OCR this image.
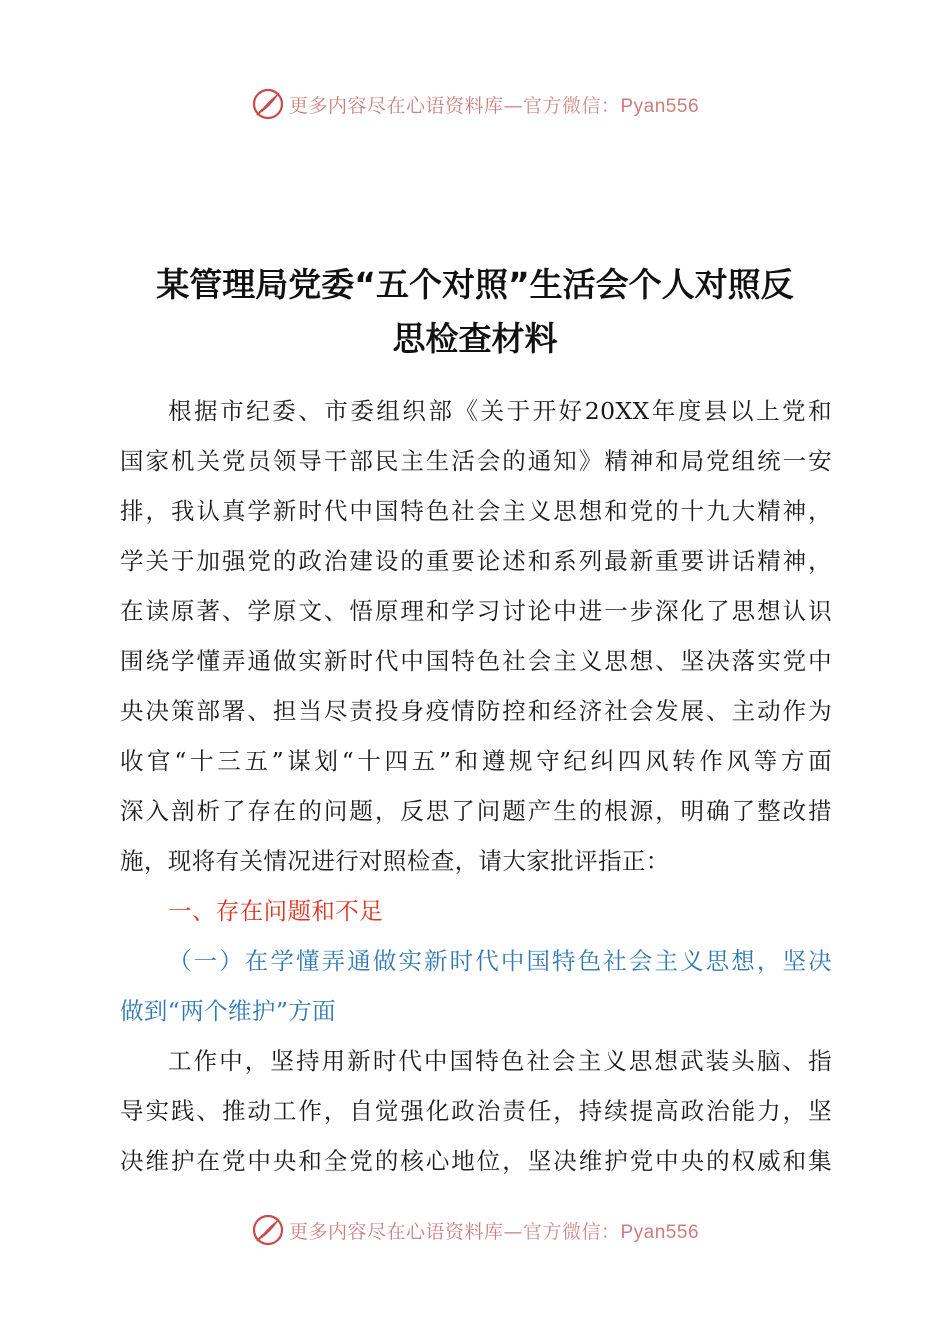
更多内容尽在心语资料库—官方微信：Pyan556
某管理局党委“五个对照”生活会个人对照反
思检查材料
根据市纪委、市委组织部《关于开好20XX年度县以上党和
国家机关党员领导干部民主生活会的通知》精神和局党组统一安
排，我认真学新时代中国特色社会主义思想和党的十九大精神，
学关于加强党的政治建设的重要论述和系列最新重要讲话精神，
在读原著、学原文、悟原理和学习讨论中进一步深化了思想认识
围绕学懂弄通做实新时代中国特色社会主义思想、坚决落实党中
央决策部署、担当尽责投身疫情防控和经济社会发展、主动作为
收官“十三五”谋划“十四五”和遵规守纪纠四风转作风等方面
深入剖析了存在的问题，反思了问题产生的根源，明确了整改措
施，现将有关情况进行对照检查，请大家批评指正：
一、存在问题和不足
（一）在学懂弄通做实新时代中国特色社会主义思想，坚决
做到“两个维护”方面
工作中，坚持用新时代中国特色社会主义思想武装头脑、指
导实践、推动工作，自觉强化政治责任，持续提高政治能力，坚
决维护在党中央和全党的核心地位，坚决维护党中央的权威和集
更多内容尽在心语资料库—官方微信：Pyan556
